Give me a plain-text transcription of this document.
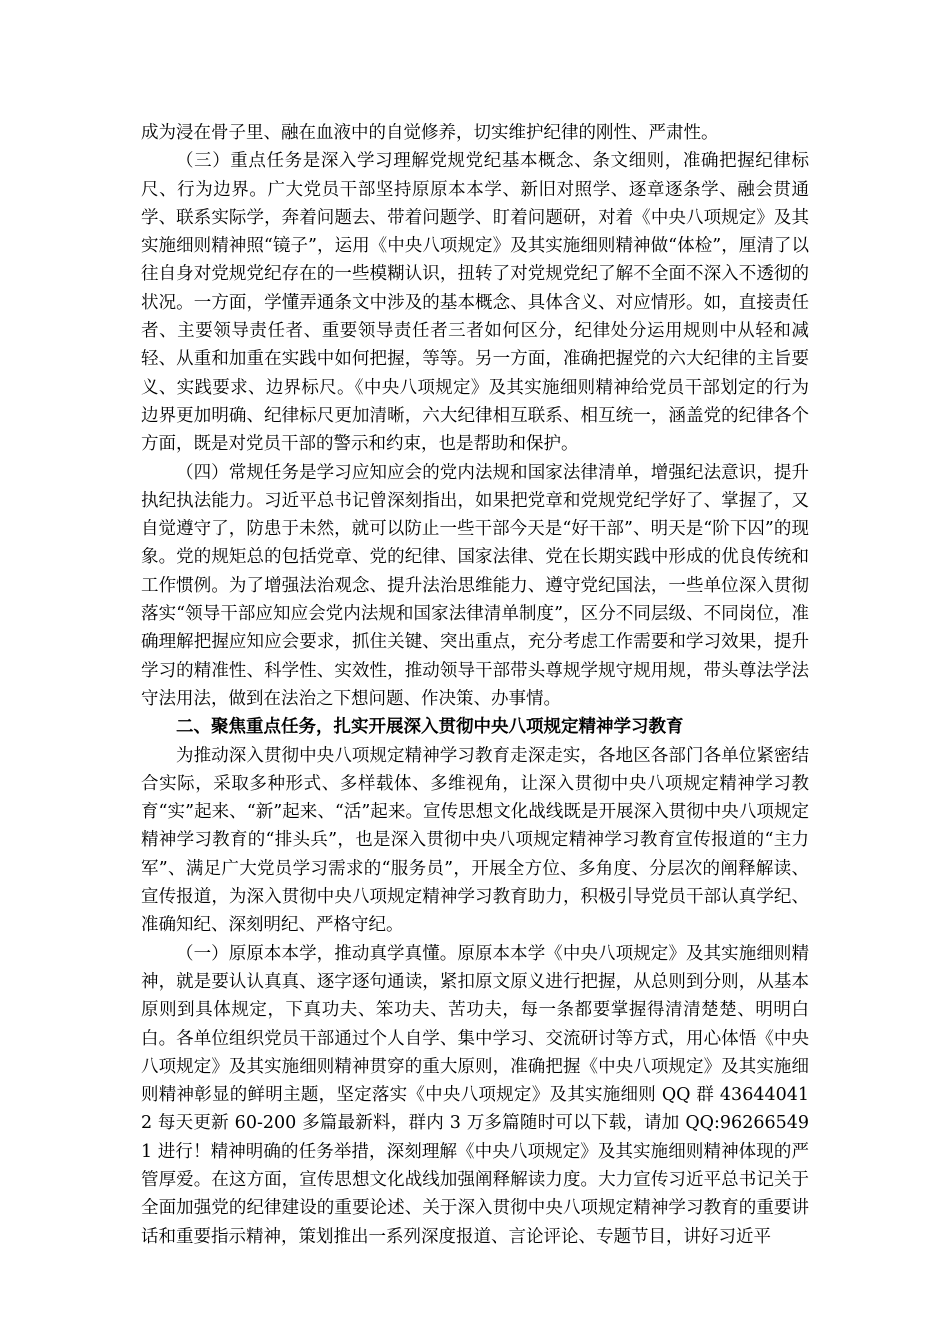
成为浸在骨子里、融在血液中的自觉修养，切实维护纪律的刚性、严肃性。

（三）重点任务是深入学习理解党规党纪基本概念、条文细则，准确把握纪律标尺、行为边界。广大党员干部坚持原原本本学、新旧对照学、逐章逐条学、融会贯通学、联系实际学，奔着问题去、带着问题学、盯着问题研，对着《中央八项规定》及其实施细则精神照“镜子”，运用《中央八项规定》及其实施细则精神做“体检”，厘清了以往自身对党规党纪存在的一些模糊认识，扭转了对党规党纪了解不全面不深入不透彻的状况。一方面，学懂弄通条文中涉及的基本概念、具体含义、对应情形。如，直接责任者、主要领导责任者、重要领导责任者三者如何区分，纪律处分运用规则中从轻和减轻、从重和加重在实践中如何把握，等等。另一方面，准确把握党的六大纪律的主旨要义、实践要求、边界标尺。《中央八项规定》及其实施细则精神给党员干部划定的行为边界更加明确、纪律标尺更加清晰，六大纪律相互联系、相互统一，涵盖党的纪律各个方面，既是对党员干部的警示和约束，也是帮助和保护。

（四）常规任务是学习应知应会的党内法规和国家法律清单，增强纪法意识，提升执纪执法能力。习近平总书记曾深刻指出，如果把党章和党规党纪学好了、掌握了，又自觉遵守了，防患于未然，就可以防止一些干部今天是“好干部”、明天是“阶下囚”的现象。党的规矩总的包括党章、党的纪律、国家法律、党在长期实践中形成的优良传统和工作惯例。为了增强法治观念、提升法治思维能力、遵守党纪国法，一些单位深入贯彻落实“领导干部应知应会党内法规和国家法律清单制度”，区分不同层级、不同岗位，准确理解把握应知应会要求，抓住关键、突出重点，充分考虑工作需要和学习效果，提升学习的精准性、科学性、实效性，推动领导干部带头尊规学规守规用规，带头尊法学法守法用法，做到在法治之下想问题、作决策、办事情。

二、聚焦重点任务，扎实开展深入贯彻中央八项规定精神学习教育

为推动深入贯彻中央八项规定精神学习教育走深走实，各地区各部门各单位紧密结合实际，采取多种形式、多样载体、多维视角，让深入贯彻中央八项规定精神学习教育“实”起来、“新”起来、“活”起来。宣传思想文化战线既是开展深入贯彻中央八项规定精神学习教育的“排头兵”，也是深入贯彻中央八项规定精神学习教育宣传报道的“主力军”、满足广大党员学习需求的“服务员”，开展全方位、多角度、分层次的阐释解读、宣传报道，为深入贯彻中央八项规定精神学习教育助力，积极引导党员干部认真学纪、准确知纪、深刻明纪、严格守纪。

（一）原原本本学，推动真学真懂。原原本本学《中央八项规定》及其实施细则精神，就是要认认真真、逐字逐句通读，紧扣原文原义进行把握，从总则到分则，从基本原则到具体规定，下真功夫、笨功夫、苦功夫，每一条都要掌握得清清楚楚、明明白白。各单位组织党员干部通过个人自学、集中学习、交流研讨等方式，用心体悟《中央八项规定》及其实施细则精神贯穿的重大原则，准确把握《中央八项规定》及其实施细则精神彰显的鲜明主题，坚定落实《中央八项规定》及其实施细则 QQ 群 436440412 每天更新 60-200 多篇最新料，群内 3 万多篇随时可以下载，请加 QQ:962665491 进行！精神明确的任务举措，深刻理解《中央八项规定》及其实施细则精神体现的严管厚爱。在这方面，宣传思想文化战线加强阐释解读力度。大力宣传习近平总书记关于全面加强党的纪律建设的重要论述、关于深入贯彻中央八项规定精神学习教育的重要讲话和重要指示精神，策划推出一系列深度报道、言论评论、专题节目，讲好习近平
